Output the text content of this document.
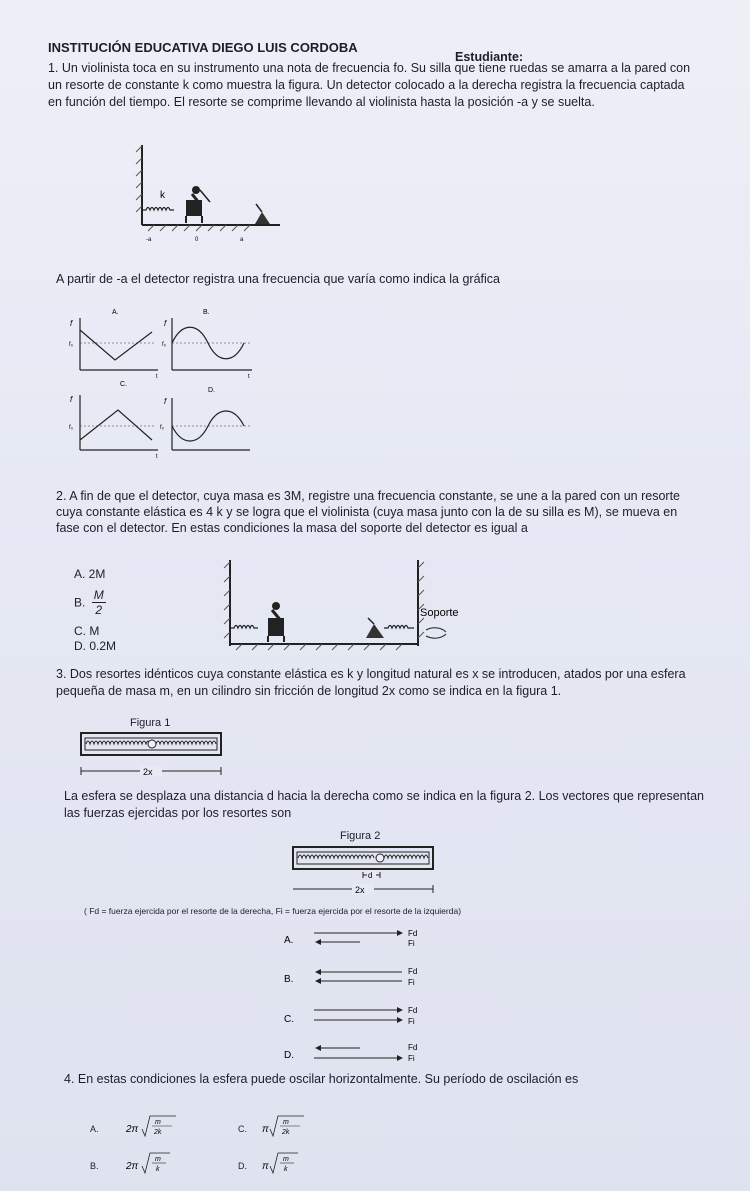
INSTITUCIÓN EDUCATIVA DIEGO LUIS CORDOBA
Estudiante:
1. Un violinista toca en su instrumento una nota de frecuencia fo. Su silla que tiene ruedas se amarra a la pared con
un resorte de constante k como muestra la figura. Un detector colocado a la derecha registra la frecuencia captada
en función del tiempo. El resorte se comprime llevando al violinista hasta la posición -a y se suelta.
k
-a	0	a
A partir de -a el detector registra una frecuencia que varía como indica la gráfica
A.	B.
C.
D.
f
f₀
t
f
f₀
t
f
f₀
t
f
f₀
2. A fin de que el detector, cuya masa es 3M, registre una frecuencia constante, se une a la pared con un resorte
cuya constante elástica es 4 k y se logra que el violinista (cuya masa junto con la de su silla es M), se mueva en
fase con el detector. En estas condiciones la masa del soporte del detector es igual a
A. 2M
B. $\frac{M}{2}$
C. M
D. 0.2M
Soporte
3. Dos resortes idénticos cuya constante elástica es k y longitud natural es x se introducen, atados por una esfera
pequeña de masa m, en un cilindro sin fricción de longitud 2x como se indica en la figura 1.
Figura 1
2x
La esfera se desplaza una distancia d hacia la derecha como se indica en la figura 2. Los vectores que representan
las fuerzas ejercidas por los resortes son
Figura 2
d
2x
( Fd = fuerza ejercida por el resorte de la derecha, Fi = fuerza ejercida por el resorte de la izquierda)
A.
Fd
Fi
B.
Fd
Fi
C.
Fd
Fi
D.
Fd
Fi
4. En estas condiciones la esfera puede oscilar horizontalmente. Su período de oscilación es
A.	2π
m
2k
B.	2π
m
k
C. π
m
2k
D. π
m
k
